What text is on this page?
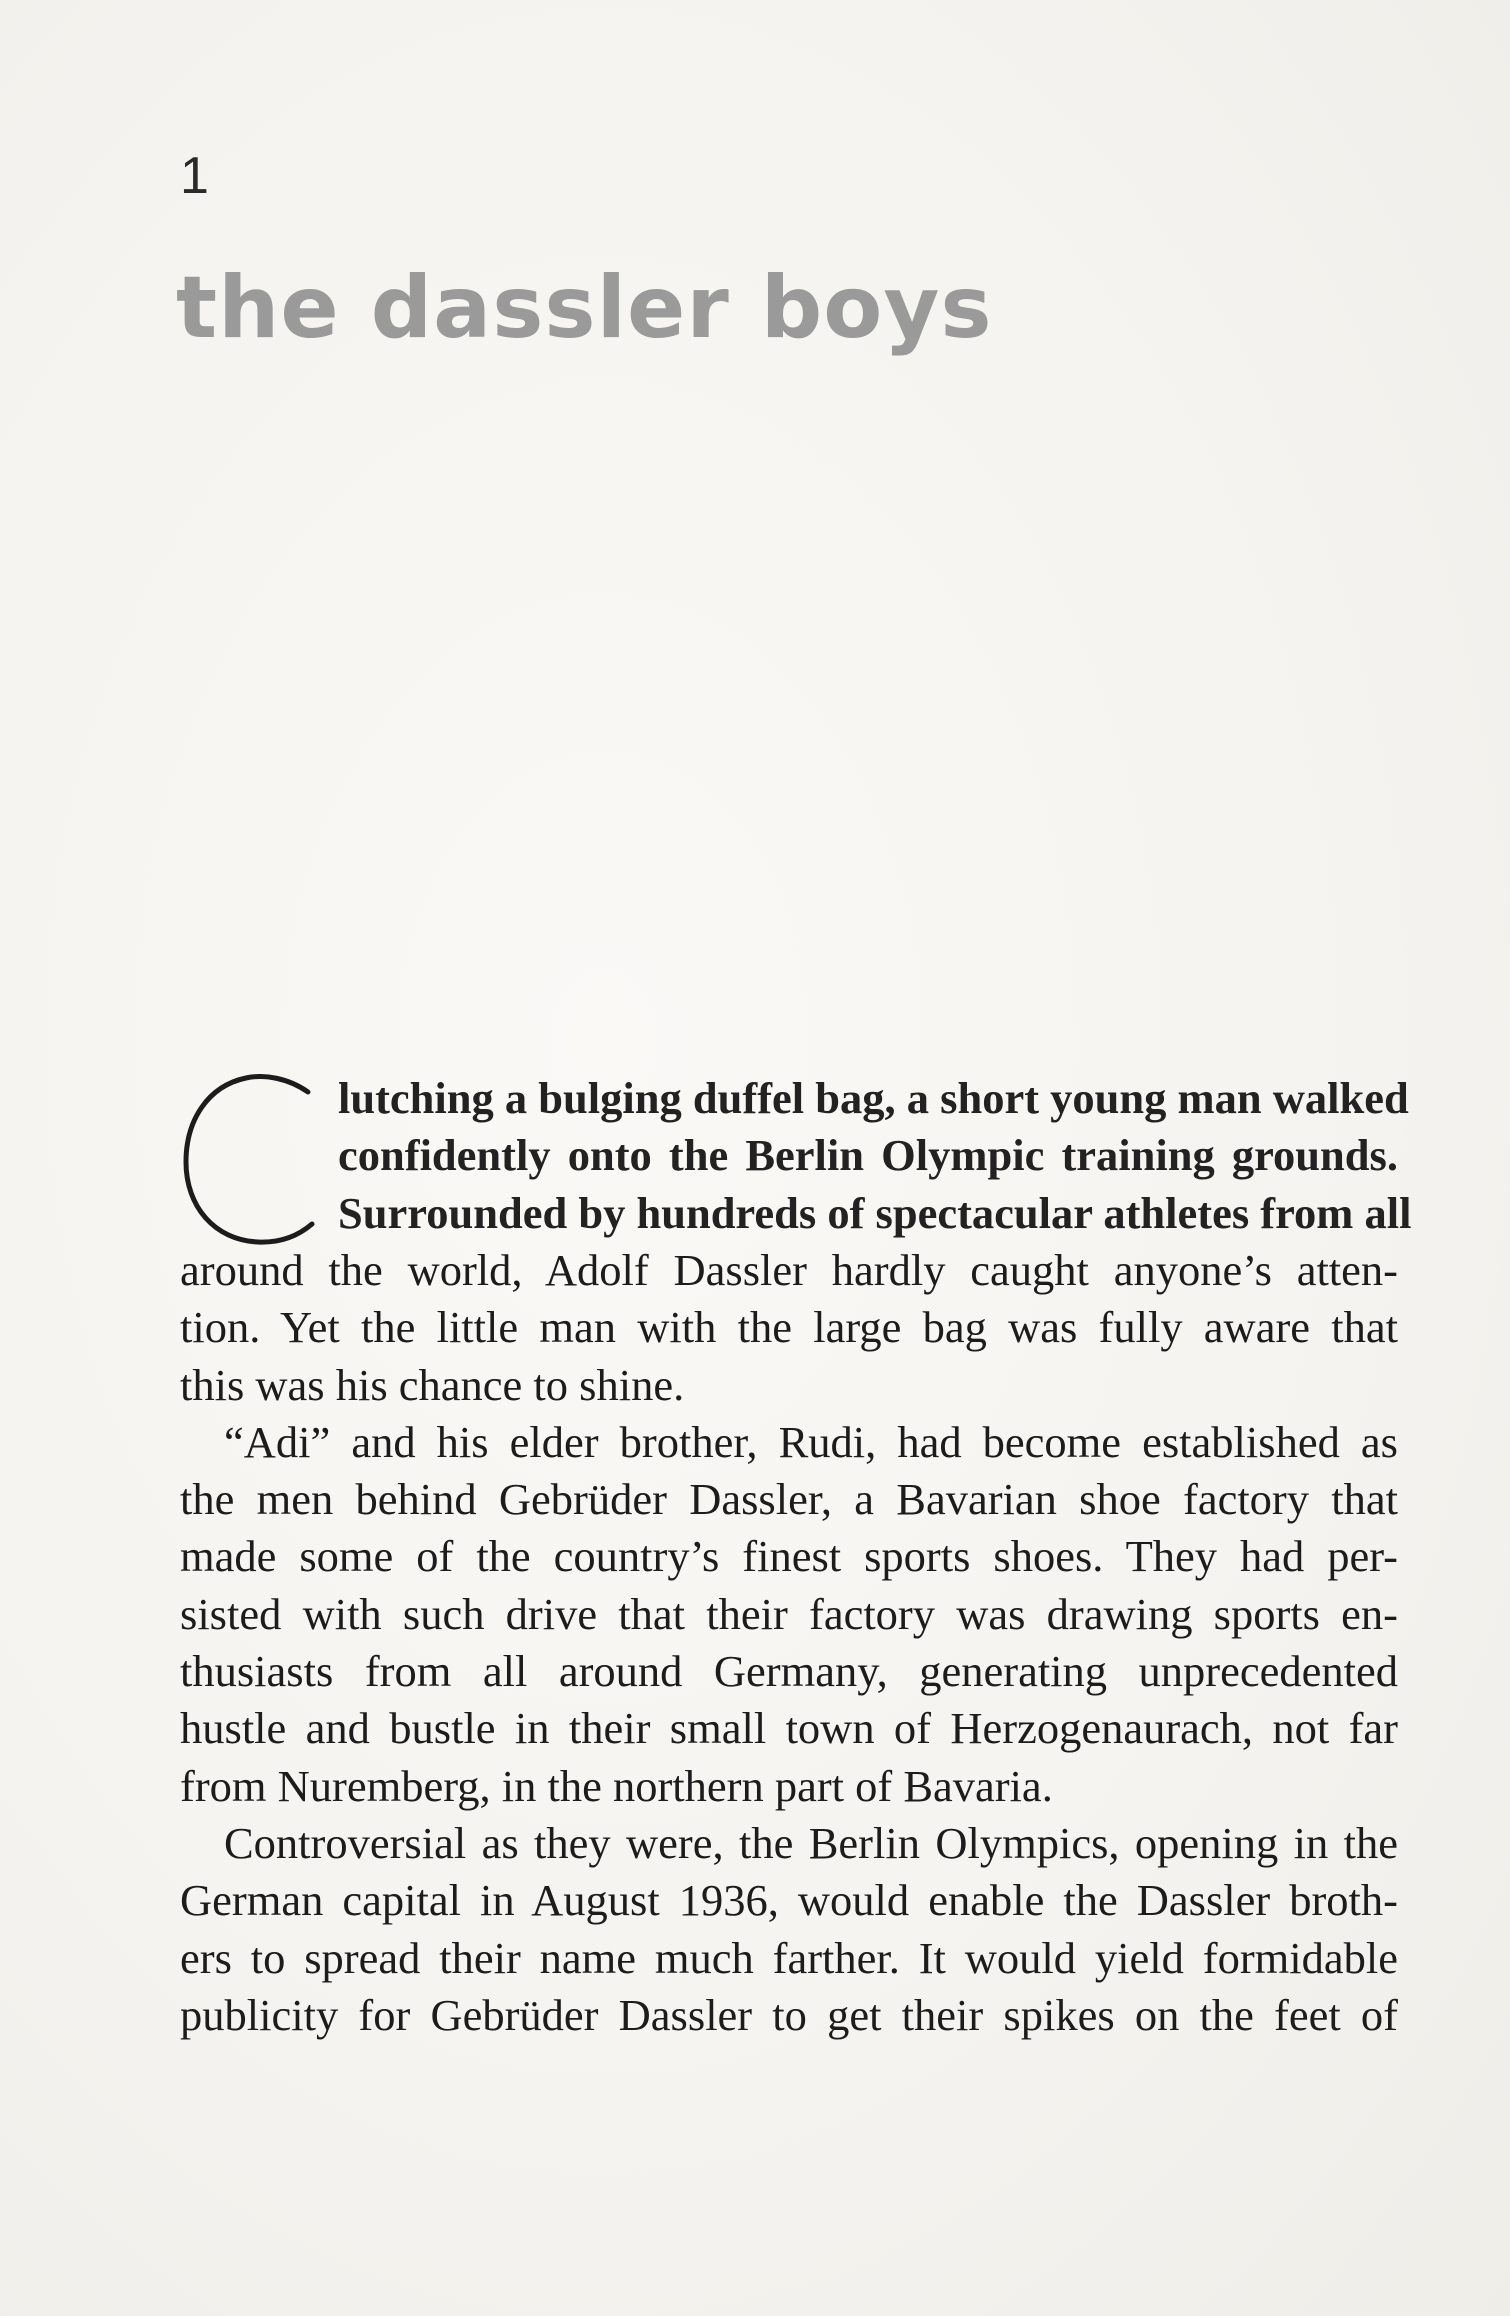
1
the dassler boys
lutching a bulging duffel bag, a short young man walked
confidently onto the Berlin Olympic training grounds.
Surrounded by hundreds of spectacular athletes from all
around the world, Adolf Dassler hardly caught anyone’s atten-
tion. Yet the little man with the large bag was fully aware that
this was his chance to shine.
“Adi” and his elder brother, Rudi, had become established as
the men behind Gebrüder Dassler, a Bavarian shoe factory that
made some of the country’s finest sports shoes. They had per-
sisted with such drive that their factory was drawing sports en-
thusiasts from all around Germany, generating unprecedented
hustle and bustle in their small town of Herzogenaurach, not far
from Nuremberg, in the northern part of Bavaria.
Controversial as they were, the Berlin Olympics, opening in the
German capital in August 1936, would enable the Dassler broth-
ers to spread their name much farther. It would yield formidable
publicity for Gebrüder Dassler to get their spikes on the feet of
